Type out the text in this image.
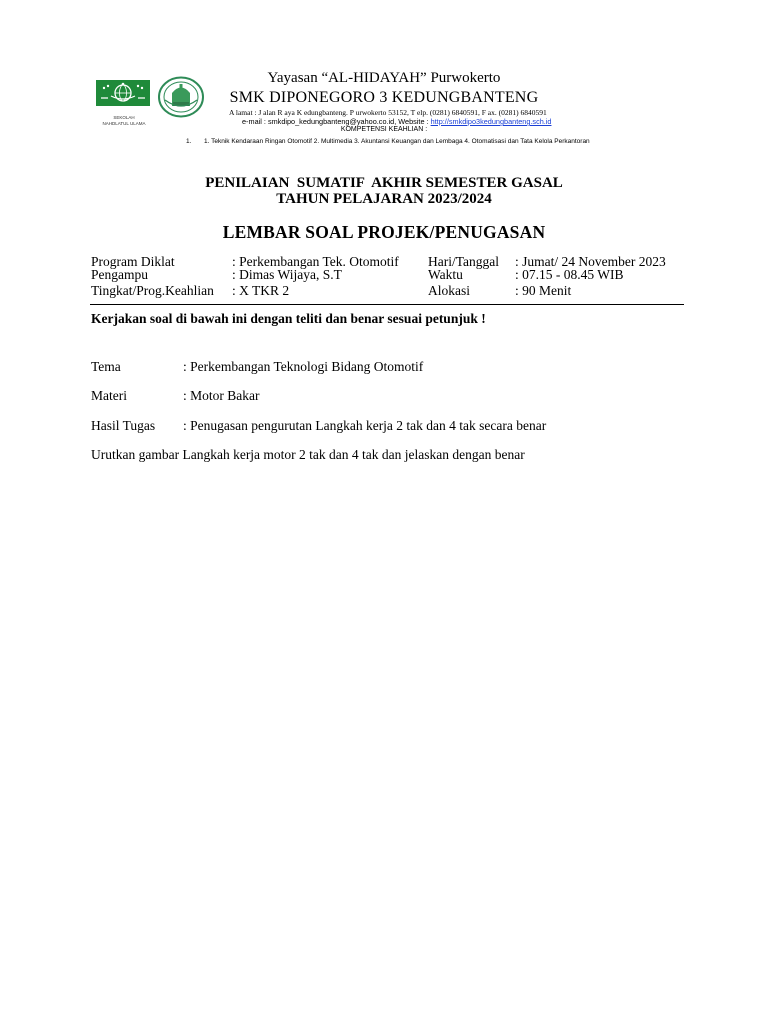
SEKOLAH
NAHDLATUL ULAMA
Yayasan “AL-HIDAYAH” Purwokerto
SMK DIPONEGORO 3 KEDUNGBANTENG
A lamat : J alan R aya K edungbanteng. P urwokerto 53152, T elp. (0281) 6840591, F ax. (0281) 6840591
e-mail : smkdipo_kedungbanteng@yahoo.co.id, Website : http://smkdipo3kedungbanteng.sch.id
KOMPETENSI KEAHLIAN :
1. 1. Teknik Kendaraan Ringan Otomotif 2. Multimedia 3. Akuntansi Keuangan dan Lembaga 4. Otomatisasi dan Tata Kelola Perkantoran
PENILAIAN  SUMATIF  AKHIR SEMESTER GASAL
TAHUN PELAJARAN 2023/2024
LEMBAR SOAL PROJEK/PENUGASAN
Program Diklat	: Perkembangan Tek. Otomotif Hari/Tanggal : Jumat/ 24 November 2023
Pengampu	: Dimas Wijaya, S.T	Waktu	: 07.15 - 08.45 WIB
Tingkat/Prog.Keahlian : X TKR 2	Alokasi	: 90 Menit
Kerjakan soal di bawah ini dengan teliti dan benar sesuai petunjuk !
Tema	: Perkembangan Teknologi Bidang Otomotif
Materi	: Motor Bakar
Hasil Tugas : Penugasan pengurutan Langkah kerja 2 tak dan 4 tak secara benar
Urutkan gambar Langkah kerja motor 2 tak dan 4 tak dan jelaskan dengan benar
